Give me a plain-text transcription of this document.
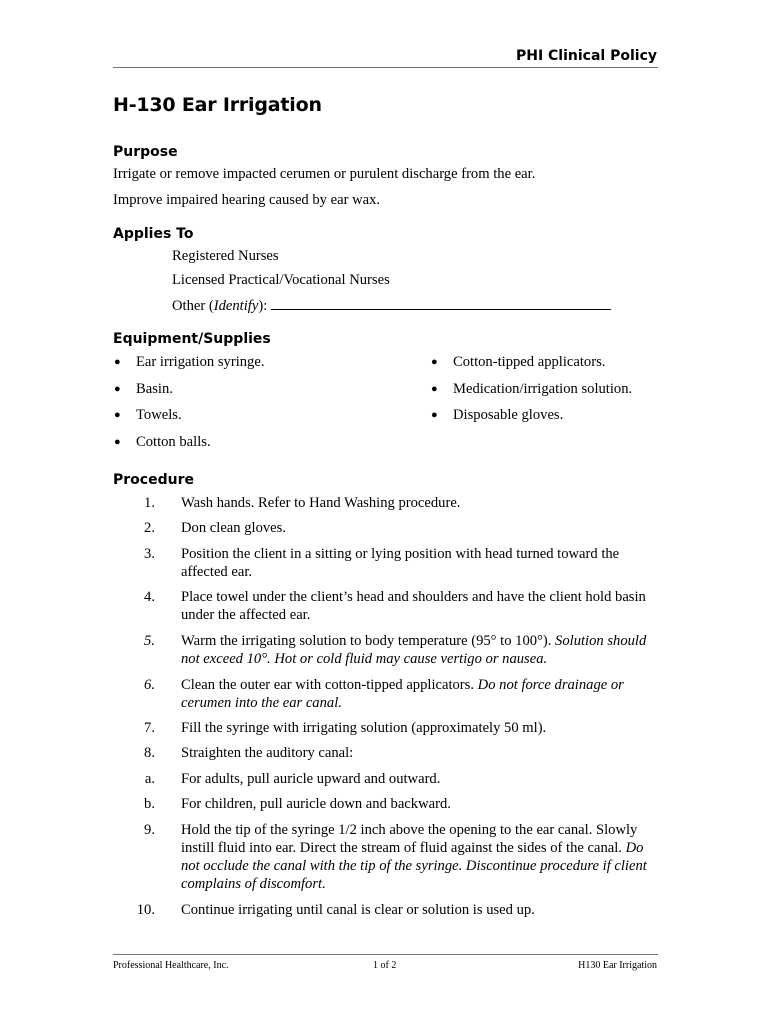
PHI Clinical Policy
H-130 Ear Irrigation
Purpose
Irrigate or remove impacted cerumen or purulent discharge from the ear.
Improve impaired hearing caused by ear wax.
Applies To
Registered Nurses
Licensed Practical/Vocational Nurses
Other (Identify):
Equipment/Supplies
● Ear irrigation syringe.
● Basin.
● Towels.
● Cotton balls.
● Cotton-tipped applicators.
● Medication/irrigation solution.
● Disposable gloves.
Procedure
1. Wash hands. Refer to Hand Washing procedure.
2. Don clean gloves.
3. Position the client in a sitting or lying position with head turned toward the affected ear.
4. Place towel under the client’s head and shoulders and have the client hold basin under the affected ear.
5. Warm the irrigating solution to body temperature (95° to 100°). Solution should not exceed 10°. Hot or cold fluid may cause vertigo or nausea.
6. Clean the outer ear with cotton-tipped applicators. Do not force drainage or cerumen into the ear canal.
7. Fill the syringe with irrigating solution (approximately 50 ml).
8. Straighten the auditory canal:
a. For adults, pull auricle upward and outward.
b. For children, pull auricle down and backward.
9. Hold the tip of the syringe 1/2 inch above the opening to the ear canal. Slowly instill fluid into ear. Direct the stream of fluid against the sides of the canal. Do not occlude the canal with the tip of the syringe. Discontinue procedure if client complains of discomfort.
10. Continue irrigating until canal is clear or solution is used up.
Professional Healthcare, Inc.	1 of 2	H130 Ear Irrigation
